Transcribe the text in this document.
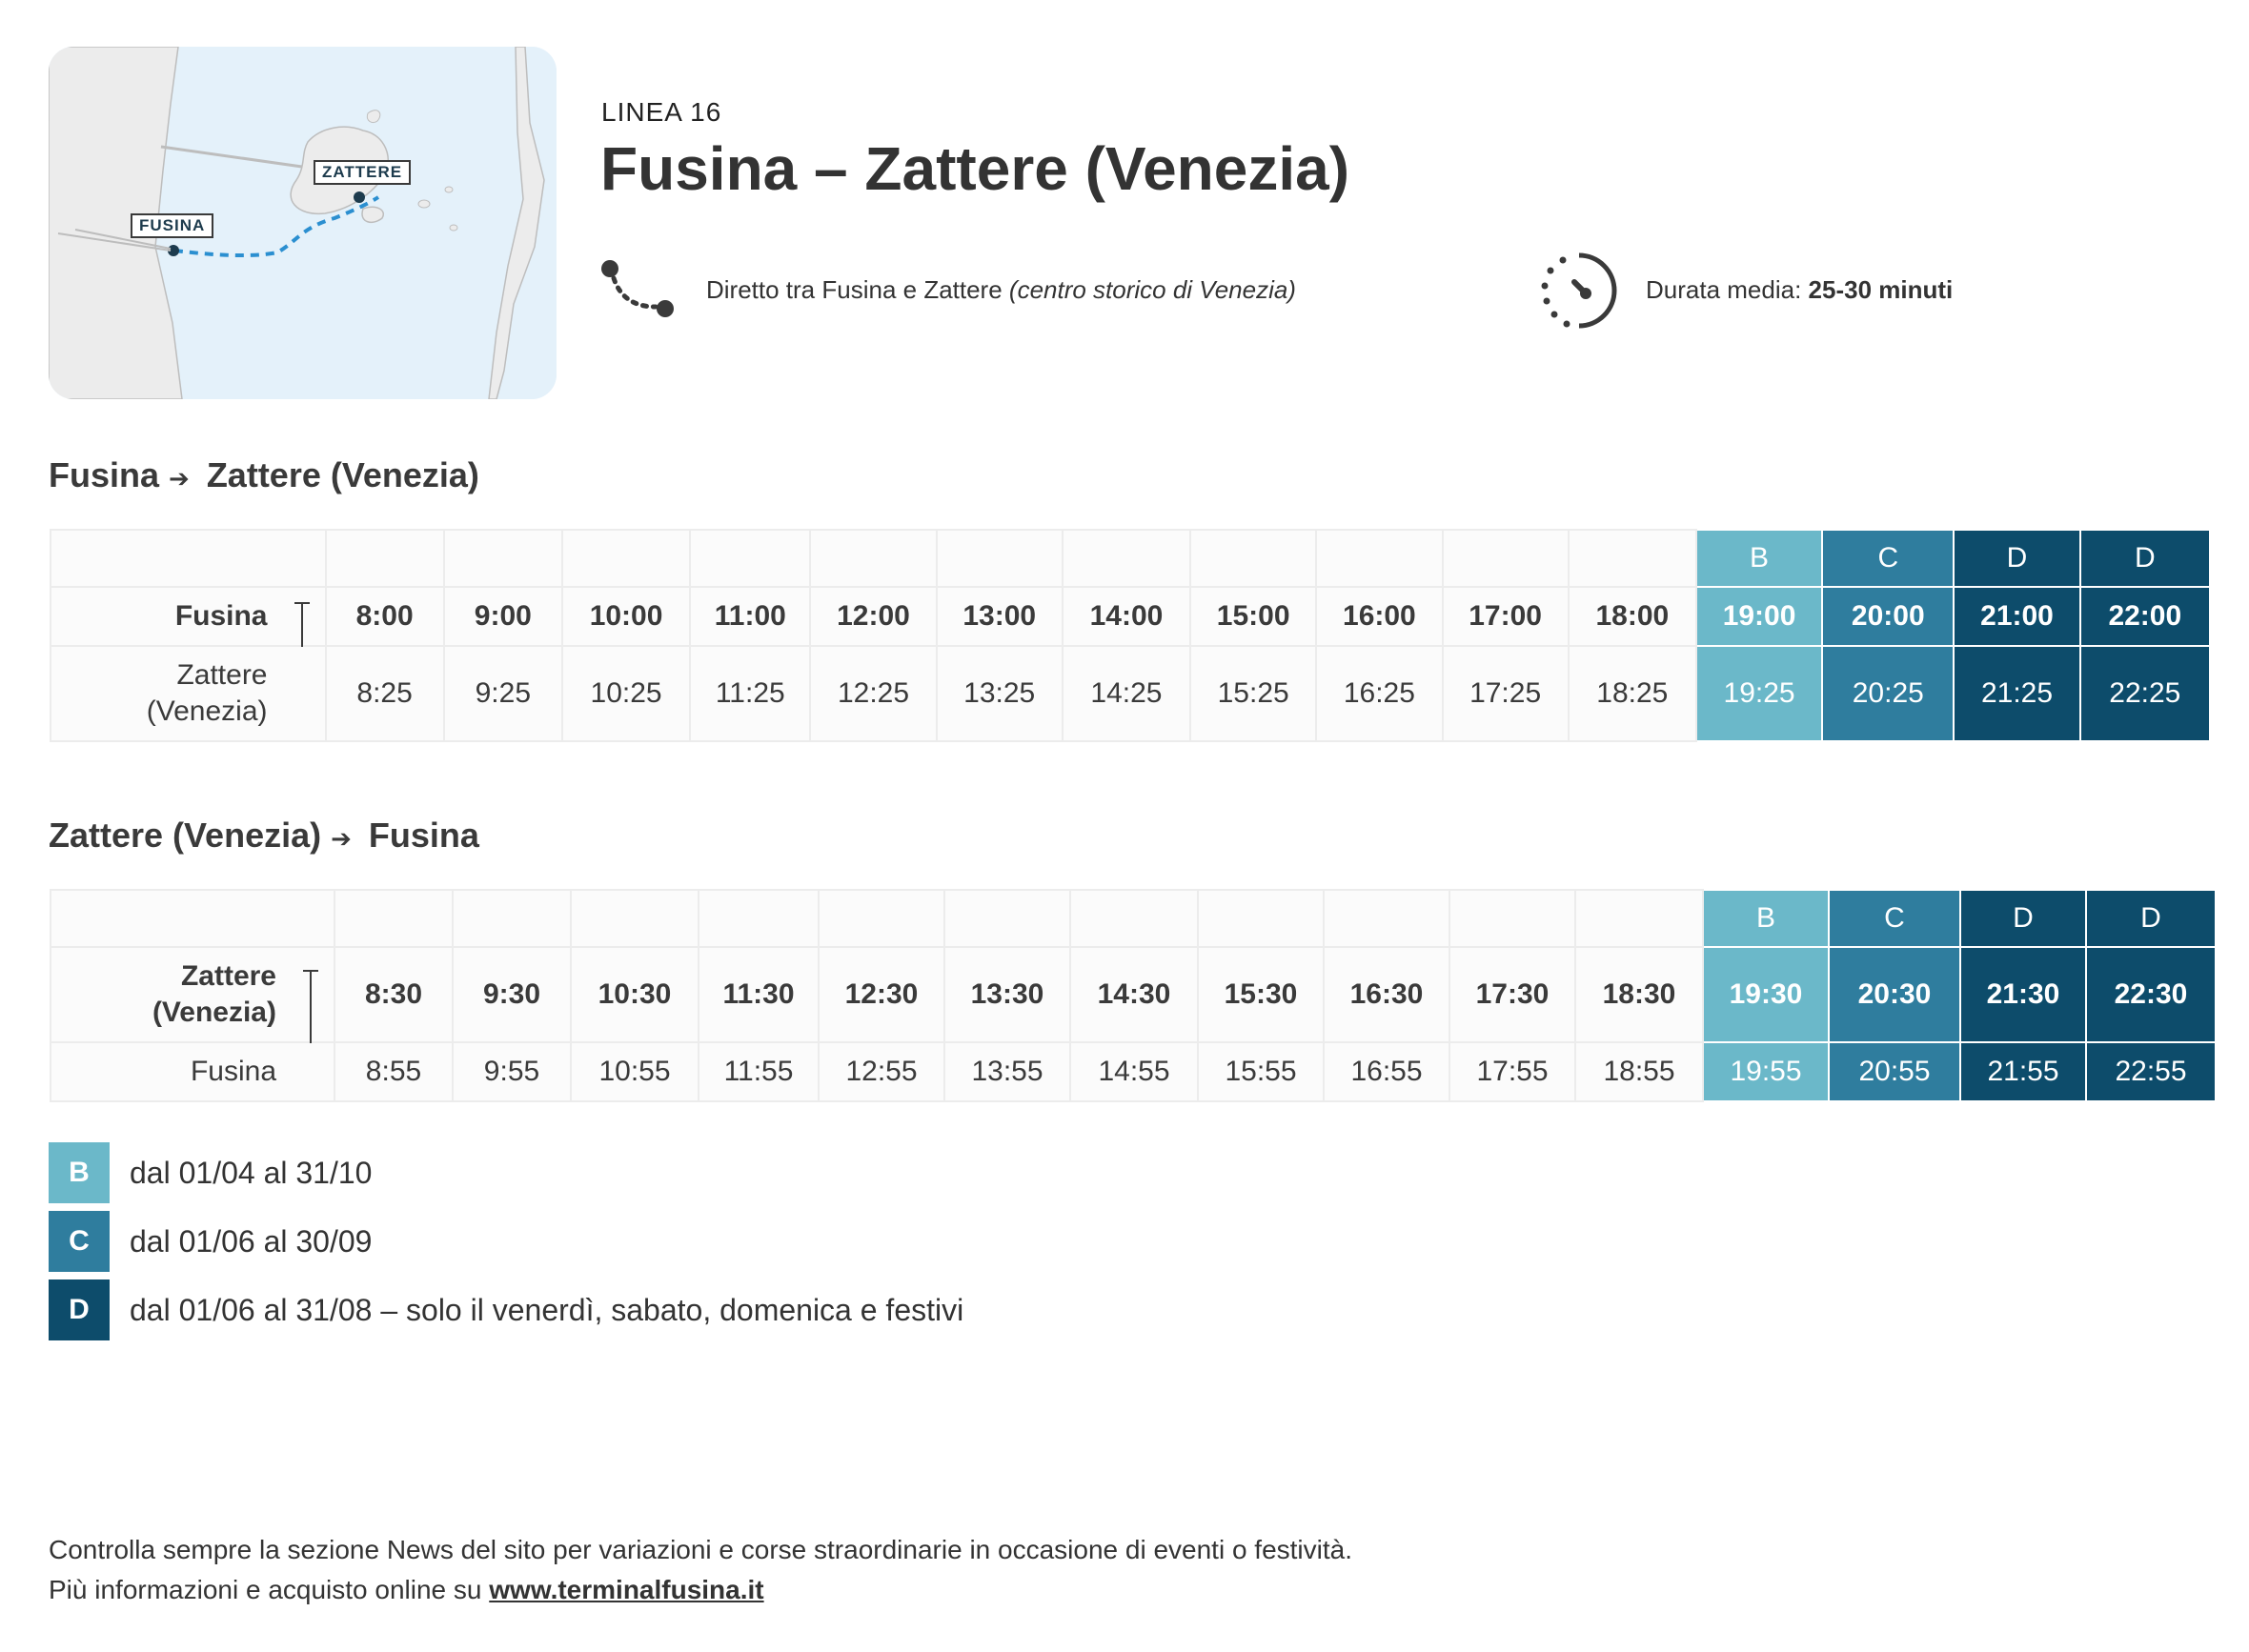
ZATTERE
FUSINA
LINEA 16
Fusina – Zattere (Venezia)
Diretto tra Fusina e Zattere (centro storico di Venezia)	Durata media: 25-30 minuti
Fusina ➔ Zattere (Venezia)
												B	C	D	D
Fusina	8:00	9:00	10:00	11:00	12:00	13:00	14:00	15:00	16:00	17:00	18:00	19:00	20:00	21:00	22:00
Zattere
(Venezia)	8:25	9:25	10:25	11:25	12:25	13:25	14:25	15:25	16:25	17:25	18:25	19:25	20:25	21:25	22:25
Zattere (Venezia) ➔ Fusina
												B	C	D	D
Zattere
(Venezia)	8:30	9:30	10:30	11:30	12:30	13:30	14:30	15:30	16:30	17:30	18:30	19:30	20:30	21:30	22:30
Fusina	8:55	9:55	10:55	11:55	12:55	13:55	14:55	15:55	16:55	17:55	18:55	19:55	20:55	21:55	22:55
B	dal 01/04 al 31/10
C	dal 01/06 al 30/09
D	dal 01/06 al 31/08 – solo il venerdì, sabato, domenica e festivi
Controlla sempre la sezione News del sito per variazioni e corse straordinarie in occasione di eventi o festività.
Più informazioni e acquisto online su www.terminalfusina.it
